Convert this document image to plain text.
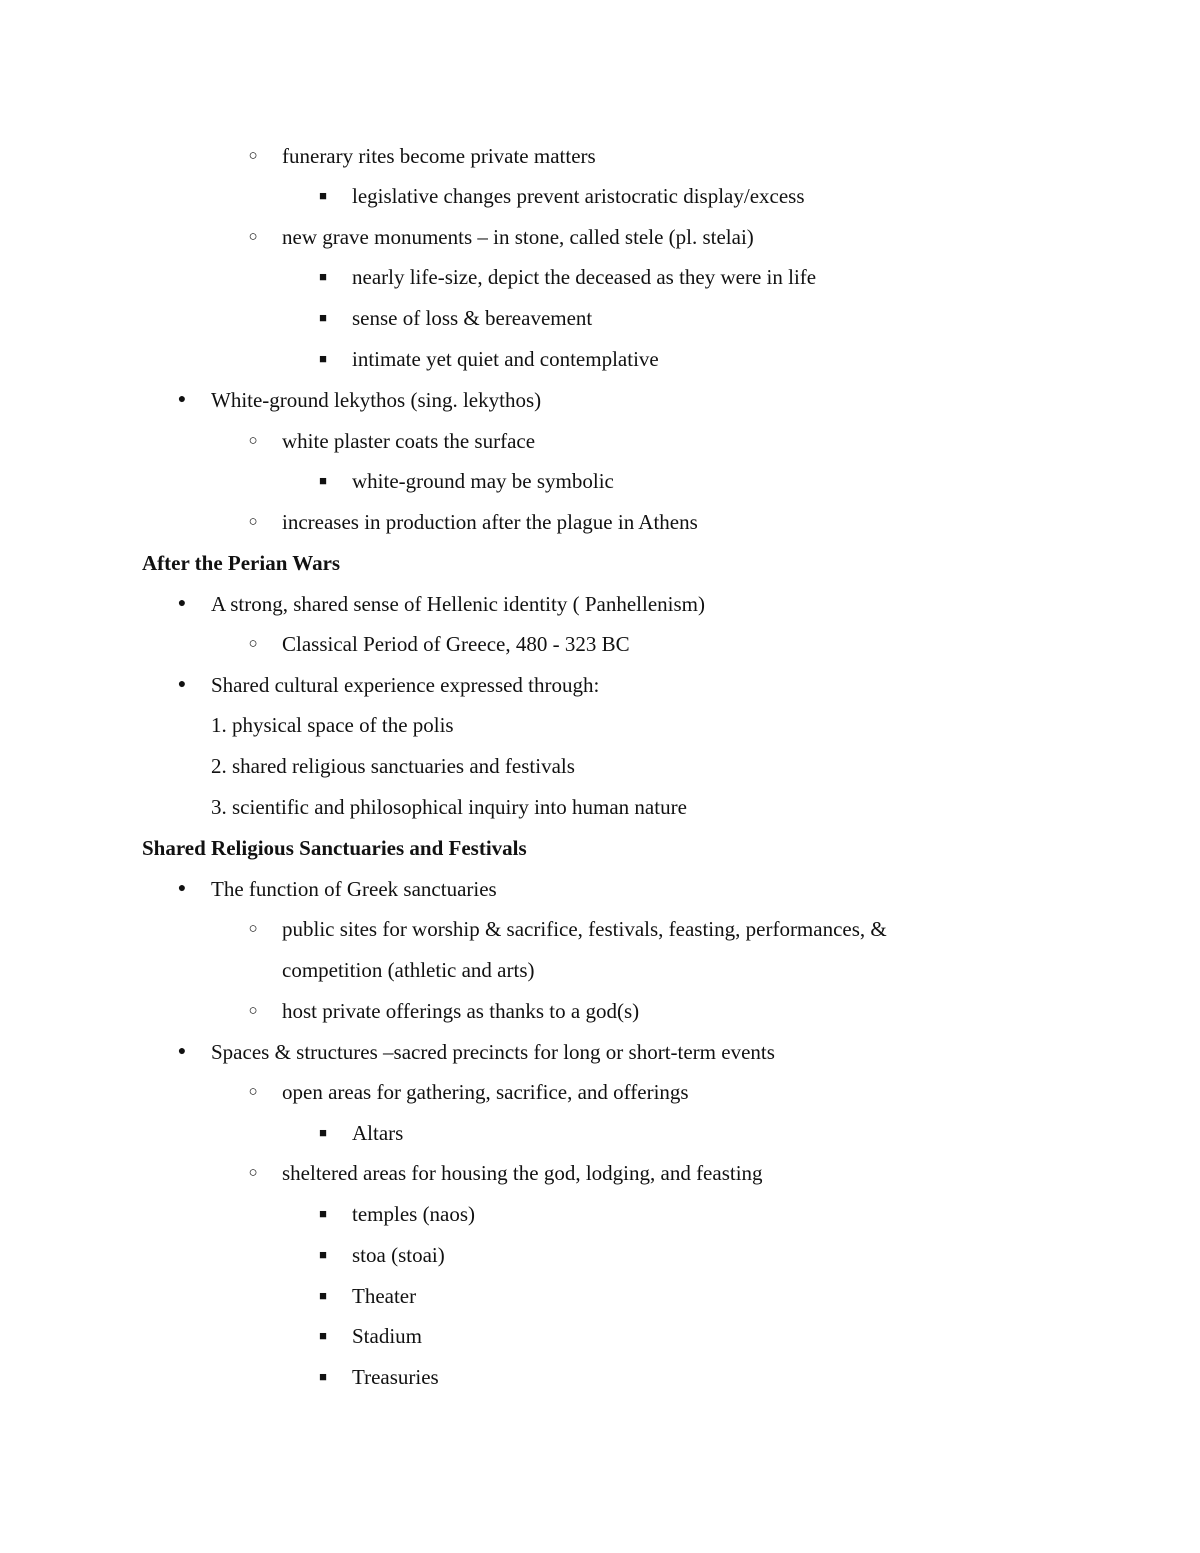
○ funerary rites become private matters
■ legislative changes prevent aristocratic display/excess
○ new grave monuments – in stone, called stele (pl. stelai)
■ nearly life-size, depict the deceased as they were in life
■ sense of loss & bereavement
■ intimate yet quiet and contemplative
● White-ground lekythos (sing. lekythos)
○ white plaster coats the surface
■ white-ground may be symbolic
○ increases in production after the plague in Athens
After the Perian Wars
● A strong, shared sense of Hellenic identity ( Panhellenism)
○ Classical Period of Greece, 480 - 323 BC
● Shared cultural experience expressed through:
1. physical space of the polis
2. shared religious sanctuaries and festivals
3. scientific and philosophical inquiry into human nature
Shared Religious Sanctuaries and Festivals
● The function of Greek sanctuaries
○ public sites for worship & sacrifice, festivals, feasting, performances, &
competition (athletic and arts)
○ host private offerings as thanks to a god(s)
● Spaces & structures –sacred precincts for long or short-term events
○ open areas for gathering, sacrifice, and offerings
■ Altars
○ sheltered areas for housing the god, lodging, and feasting
■ temples (naos)
■ stoa (stoai)
■ Theater
■ Stadium
■ Treasuries
